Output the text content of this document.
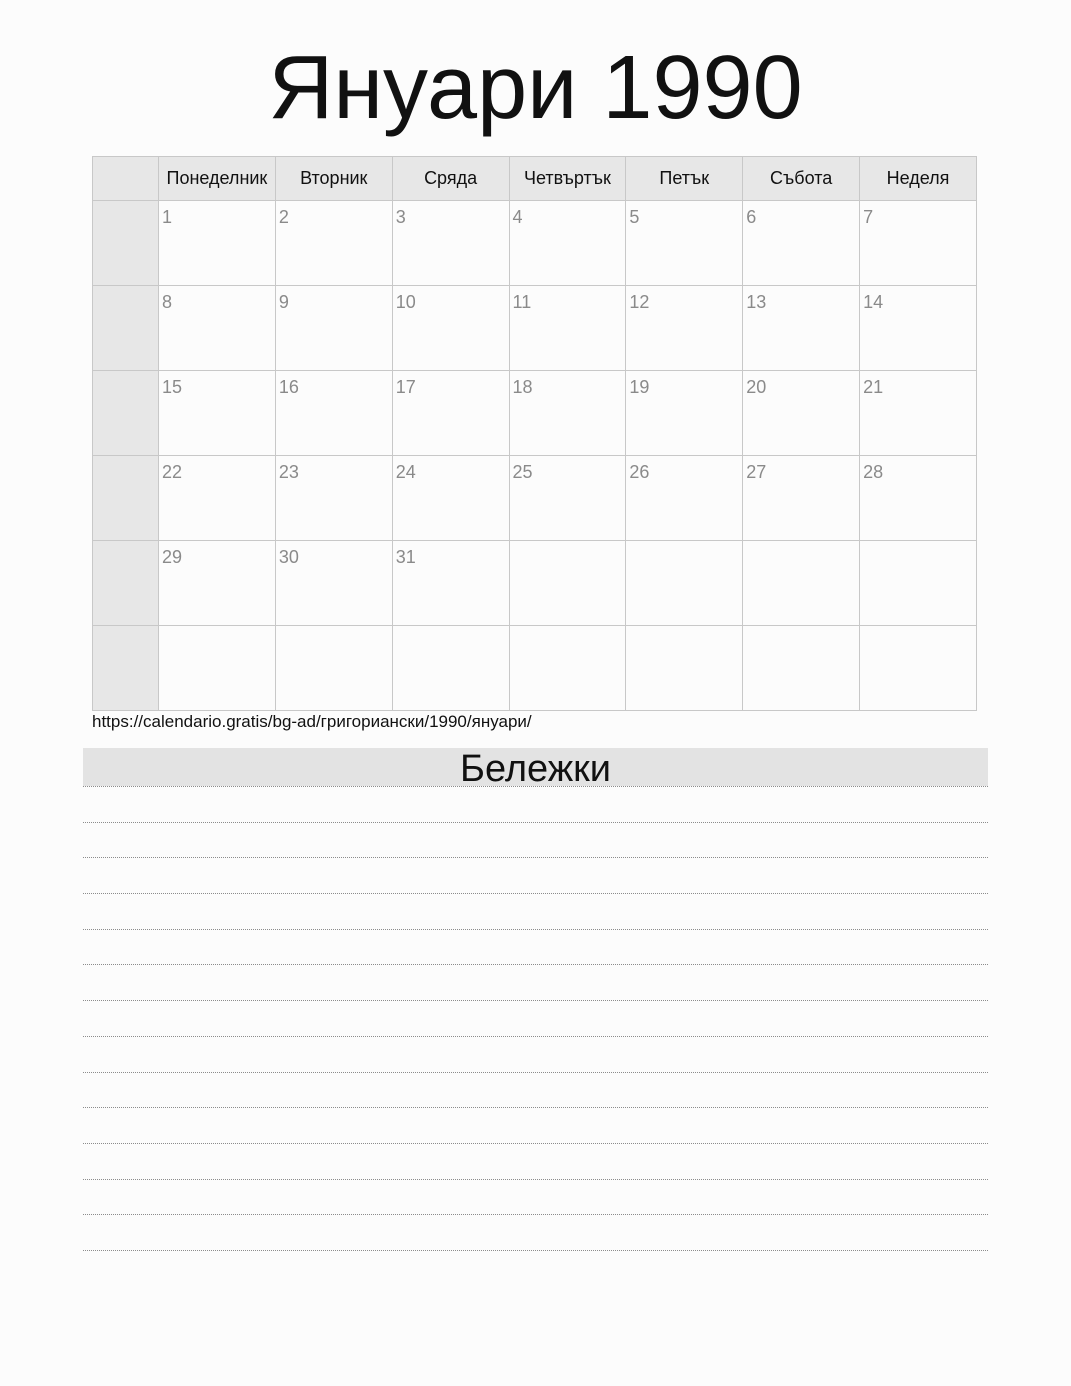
Януари 1990
	Понеделник	Вторник	Сряда	Четвъртък	Петък	Събота	Неделя

	1	2	3	4	5	6	7

	8	9	10	11	12	13	14

	15	16	17	18	19	20	21

	22	23	24	25	26	27	28

	29	30	31				

https://calendario.gratis/bg-ad/григориански/1990/януари/
Бележки
